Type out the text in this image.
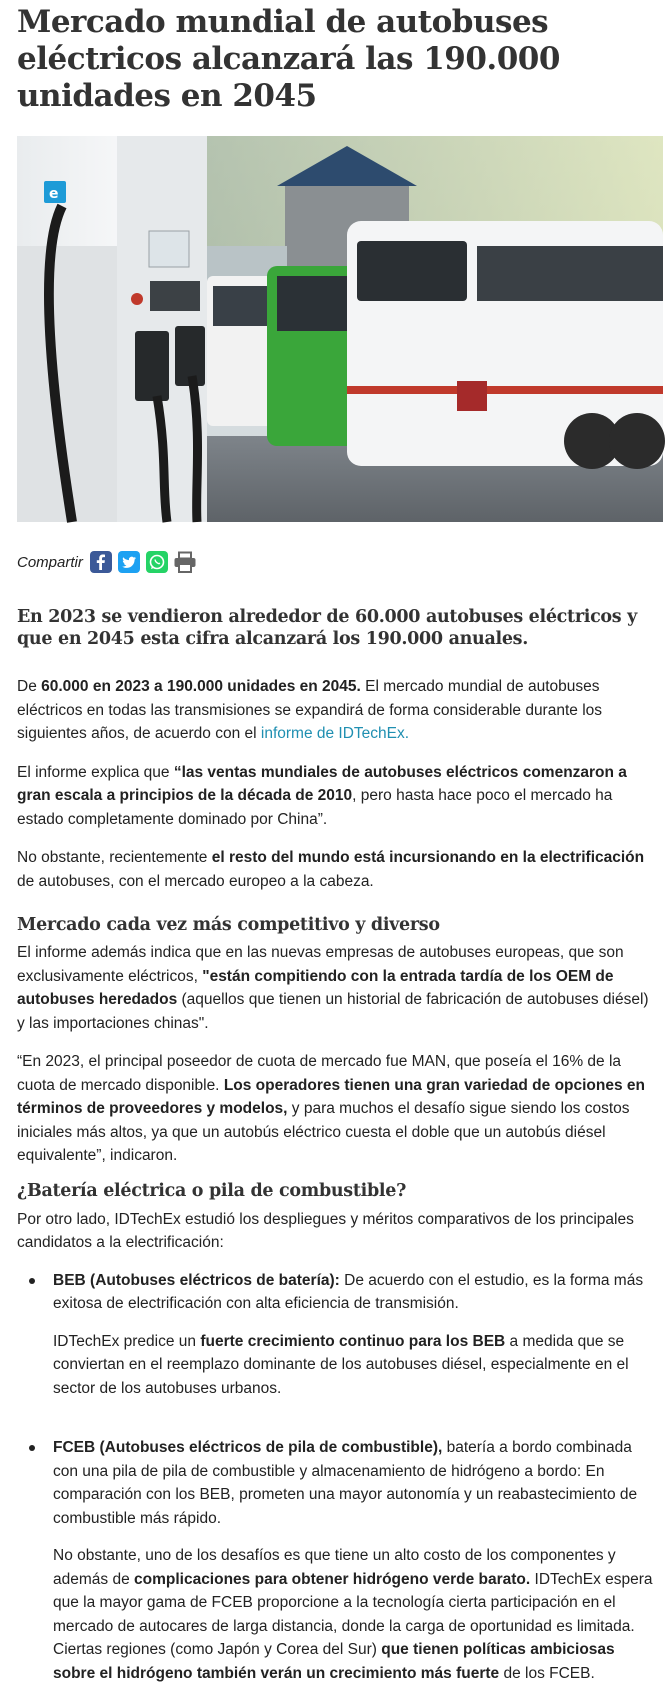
Mercado mundial de autobuses eléctricos alcanzará las 190.000 unidades en 2045
e
Compartir
En 2023 se vendieron alrededor de 60.000 autobuses eléctricos y que en 2045 esta cifra alcanzará los 190.000 anuales.

De 60.000 en 2023 a 190.000 unidades en 2045. El mercado mundial de autobuses eléctricos en todas las transmisiones se expandirá de forma considerable durante los siguientes años, de acuerdo con el informe de IDTechEx.

El informe explica que “las ventas mundiales de autobuses eléctricos comenzaron a gran escala a principios de la década de 2010, pero hasta hace poco el mercado ha estado completamente dominado por China”.

No obstante, recientemente el resto del mundo está incursionando en la electrificación de autobuses, con el mercado europeo a la cabeza.

Mercado cada vez más competitivo y diverso

El informe además indica que en las nuevas empresas de autobuses europeas, que son exclusivamente eléctricos, "están compitiendo con la entrada tardía de los OEM de autobuses heredados (aquellos que tienen un historial de fabricación de autobuses diésel) y las importaciones chinas".

“En 2023, el principal poseedor de cuota de mercado fue MAN, que poseía el 16% de la cuota de mercado disponible. Los operadores tienen una gran variedad de opciones en términos de proveedores y modelos, y para muchos el desafío sigue siendo los costos iniciales más altos, ya que un autobús eléctrico cuesta el doble que un autobús diésel equivalente”, indicaron.

¿Batería eléctrica o pila de combustible?

Por otro lado, IDTechEx estudió los despliegues y méritos comparativos de los principales candidatos a la electrificación:

BEB (Autobuses eléctricos de batería): De acuerdo con el estudio, es la forma más exitosa de electrificación con alta eficiencia de transmisión.

IDTechEx predice un fuerte crecimiento continuo para los BEB a medida que se conviertan en el reemplazo dominante de los autobuses diésel, especialmente en el sector de los autobuses urbanos.

FCEB (Autobuses eléctricos de pila de combustible), batería a bordo combinada con una pila de pila de combustible y almacenamiento de hidrógeno a bordo: En comparación con los BEB, prometen una mayor autonomía y un reabastecimiento de combustible más rápido.

No obstante, uno de los desafíos es que tiene un alto costo de los componentes y además de complicaciones para obtener hidrógeno verde barato. IDTechEx espera que la mayor gama de FCEB proporcione a la tecnología cierta participación en el mercado de autocares de larga distancia, donde la carga de oportunidad es limitada. Ciertas regiones (como Japón y Corea del Sur) que tienen políticas ambiciosas sobre el hidrógeno también verán un crecimiento más fuerte de los FCEB.
